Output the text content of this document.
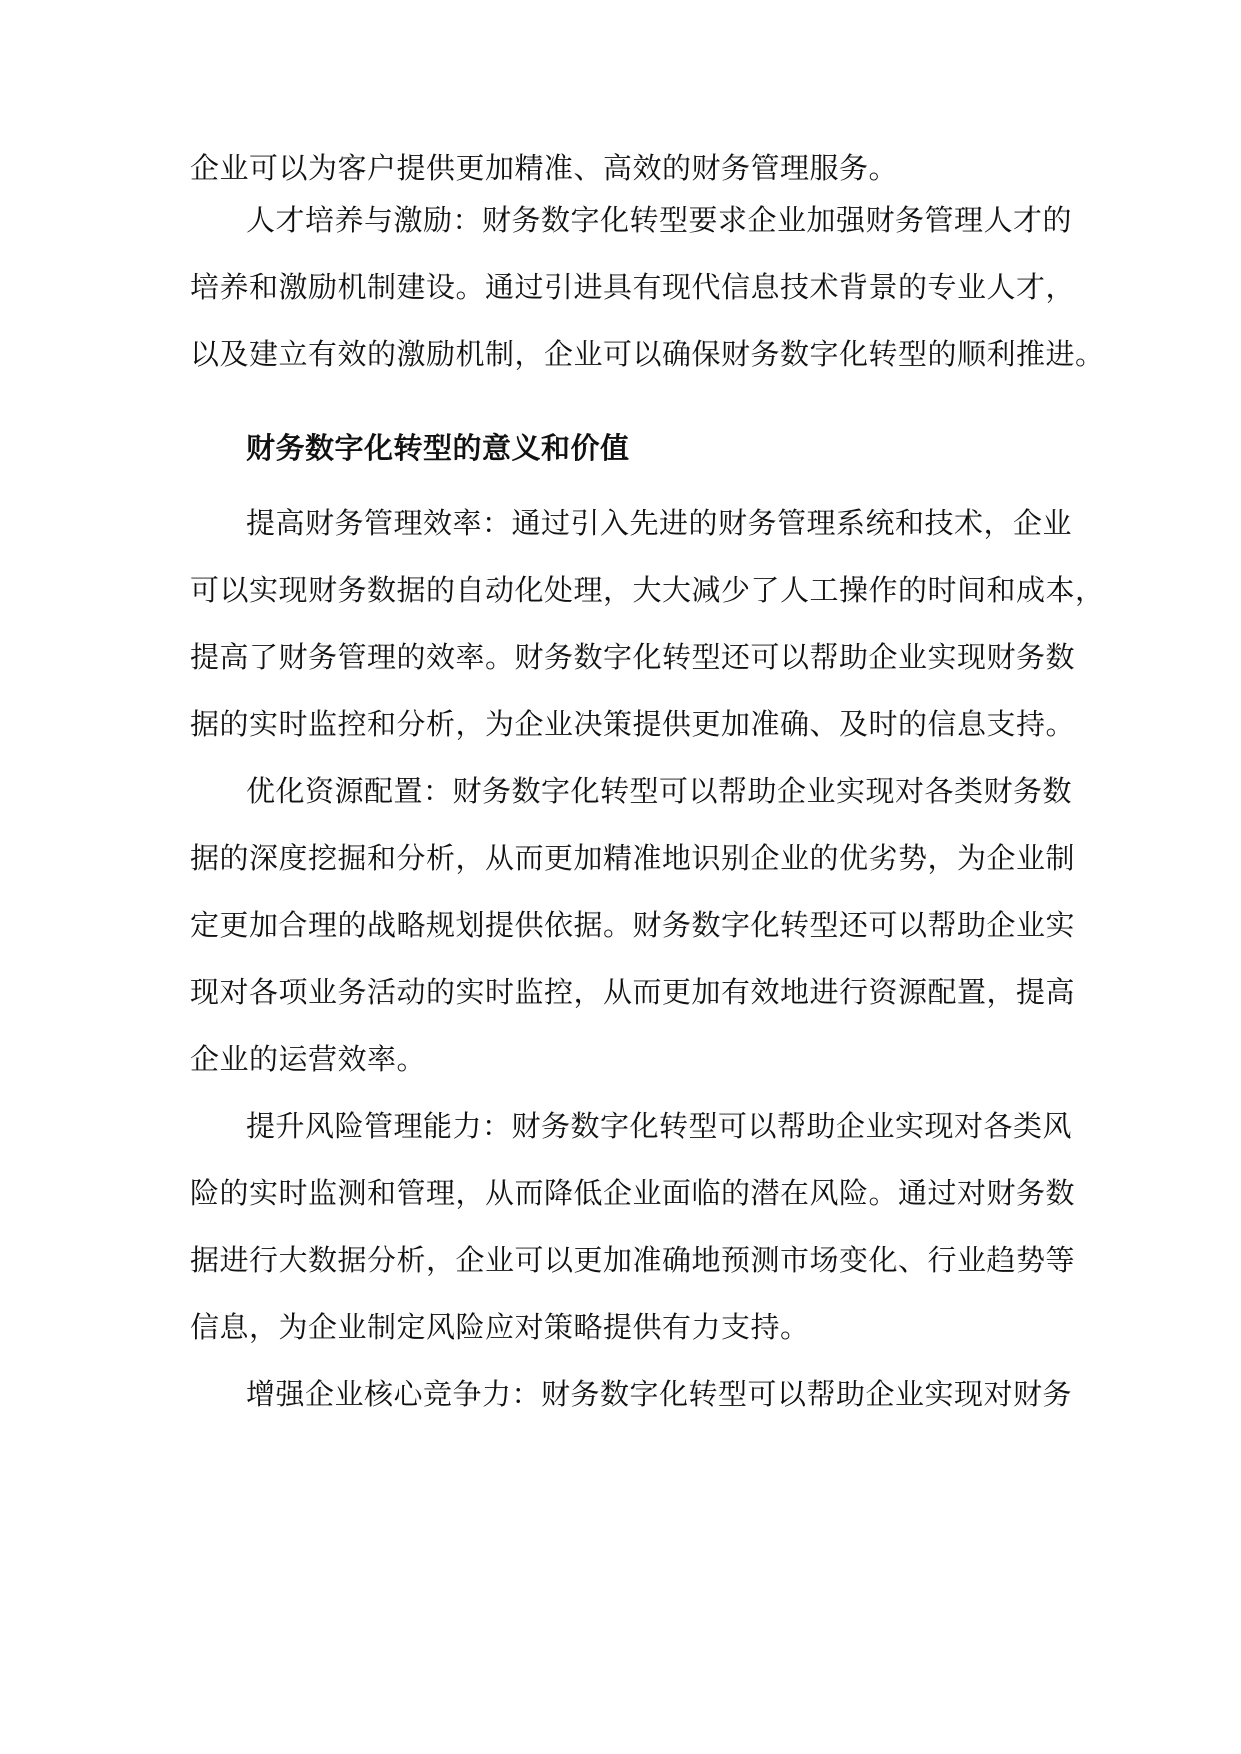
企业可以为客户提供更加精准、高效的财务管理服务。
人才培养与激励：财务数字化转型要求企业加强财务管理人才的
培养和激励机制建设。通过引进具有现代信息技术背景的专业人才，
以及建立有效的激励机制，企业可以确保财务数字化转型的顺利推进。
财务数字化转型的意义和价值
提高财务管理效率：通过引入先进的财务管理系统和技术，企业
可以实现财务数据的自动化处理，大大减少了人工操作的时间和成本，
提高了财务管理的效率。财务数字化转型还可以帮助企业实现财务数
据的实时监控和分析，为企业决策提供更加准确、及时的信息支持。
优化资源配置：财务数字化转型可以帮助企业实现对各类财务数
据的深度挖掘和分析，从而更加精准地识别企业的优劣势，为企业制
定更加合理的战略规划提供依据。财务数字化转型还可以帮助企业实
现对各项业务活动的实时监控，从而更加有效地进行资源配置，提高
企业的运营效率。
提升风险管理能力：财务数字化转型可以帮助企业实现对各类风
险的实时监测和管理，从而降低企业面临的潜在风险。通过对财务数
据进行大数据分析，企业可以更加准确地预测市场变化、行业趋势等
信息，为企业制定风险应对策略提供有力支持。
增强企业核心竞争力：财务数字化转型可以帮助企业实现对财务
